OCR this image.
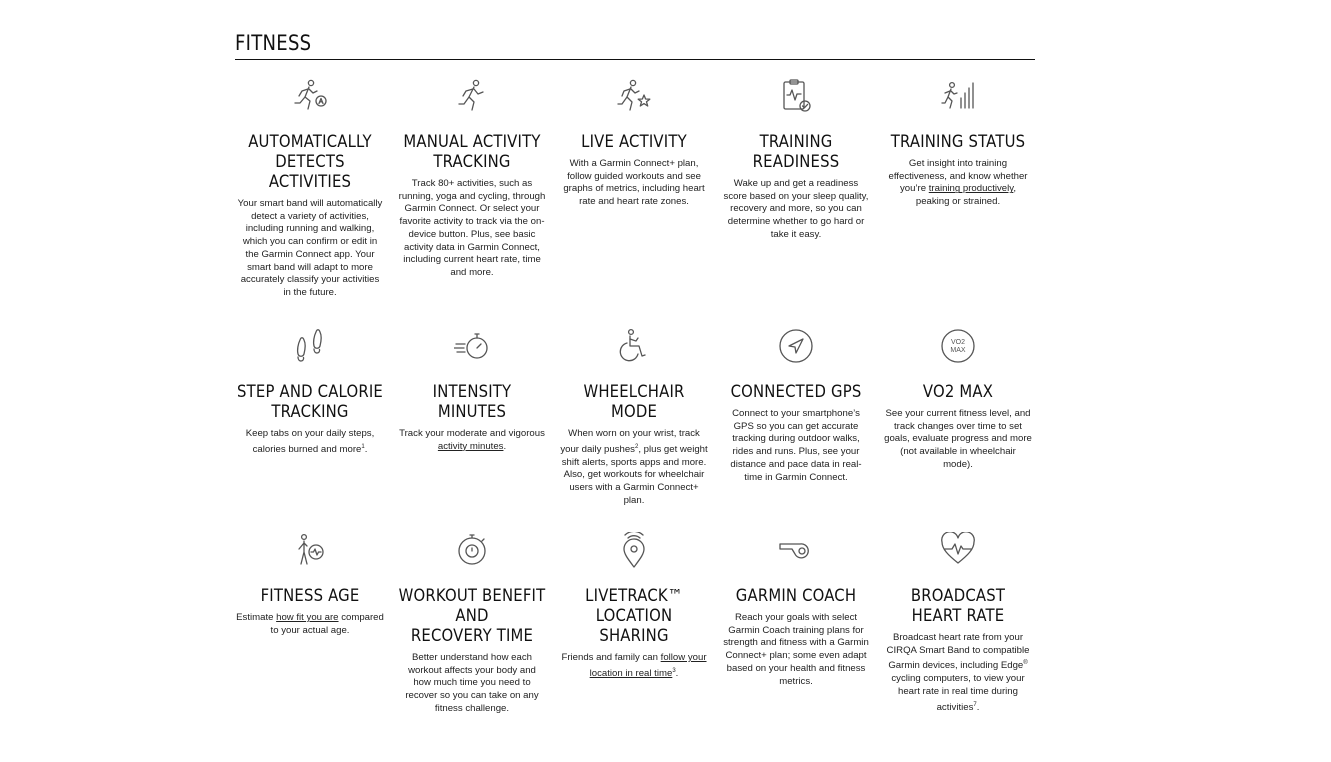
FITNESS
AUTOMATICALLY
DETECTS ACTIVITIES
Your smart band will automatically detect a variety of activities, including running and walking, which you can confirm or edit in the Garmin Connect app. Your smart band will adapt to more accurately classify your activities in the future.
MANUAL ACTIVITY
TRACKING
Track 80+ activities, such as running, yoga and cycling, through Garmin Connect. Or select your favorite activity to track via the on-device button. Plus, see basic activity data in Garmin Connect, including current heart rate, time and more.
LIVE ACTIVITY
With a Garmin Connect+ plan, follow guided workouts and see graphs of metrics, including heart rate and heart rate zones.
TRAINING READINESS
Wake up and get a readiness score based on your sleep quality, recovery and more, so you can determine whether to go hard or take it easy.
TRAINING STATUS
Get insight into training effectiveness, and know whether you’re training productively, peaking or strained.
STEP AND CALORIE
TRACKING
Keep tabs on your daily steps, calories burned and more$^1$.
INTENSITY MINUTES
Track your moderate and vigorous activity minutes.
WHEELCHAIR MODE
When worn on your wrist, track your daily pushes$^2$, plus get weight shift alerts, sports apps and more. Also, get workouts for wheelchair users with a Garmin Connect+ plan.
CONNECTED GPS
Connect to your smartphone’s GPS so you can get accurate tracking during outdoor walks, rides and runs. Plus, see your distance and pace data in real-time in Garmin Connect.
VO2
MAX
VO2 MAX
See your current fitness level, and track changes over time to set goals, evaluate progress and more (not available in wheelchair mode).
FITNESS AGE
Estimate how fit you are compared to your actual age.
WORKOUT BENEFIT AND
RECOVERY TIME
Better understand how each workout affects your body and how much time you need to recover so you can take on any fitness challenge.
LIVETRACK™ LOCATION
SHARING
Friends and family can follow your location in real time$^3$.
GARMIN COACH
Reach your goals with select Garmin Coach training plans for strength and fitness with a Garmin Connect+ plan; some even adapt based on your health and fitness metrics.
BROADCAST
HEART RATE
Broadcast heart rate from your CIRQA Smart Band to compatible Garmin devices, including Edge® cycling computers, to view your heart rate in real time during activities$^7$.
